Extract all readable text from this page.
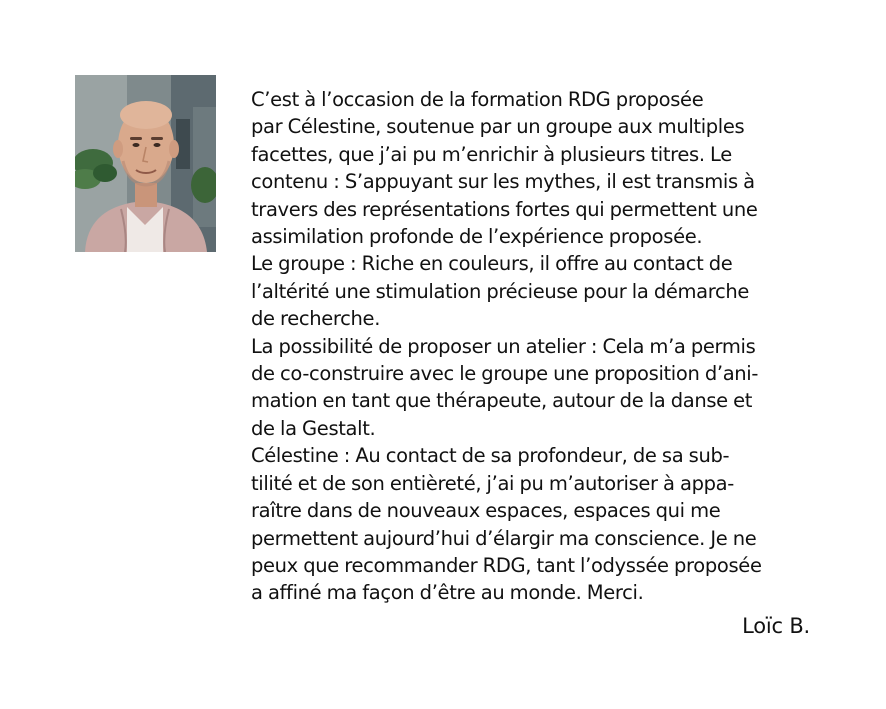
C’est à l’occasion de la formation RDG proposée
par Célestine, soutenue par un groupe aux multiples
facettes, que j’ai pu m’enrichir à plusieurs titres. Le
contenu : S’appuyant sur les mythes, il est transmis à
travers des représentations fortes qui permettent une
assimilation profonde de l’expérience proposée.
Le groupe : Riche en couleurs, il offre au contact de
l’altérité une stimulation précieuse pour la démarche
de recherche.
La possibilité de proposer un atelier : Cela m’a permis
de co-construire avec le groupe une proposition d’ani-
mation en tant que thérapeute, autour de la danse et
de la Gestalt.
Célestine : Au contact de sa profondeur, de sa sub-
tilité et de son entièreté, j’ai pu m’autoriser à appa-
raître dans de nouveaux espaces, espaces qui me
permettent aujourd’hui d’élargir ma conscience. Je ne
peux que recommander RDG, tant l’odyssée proposée
a affiné ma façon d’être au monde. Merci.
Loïc B.
